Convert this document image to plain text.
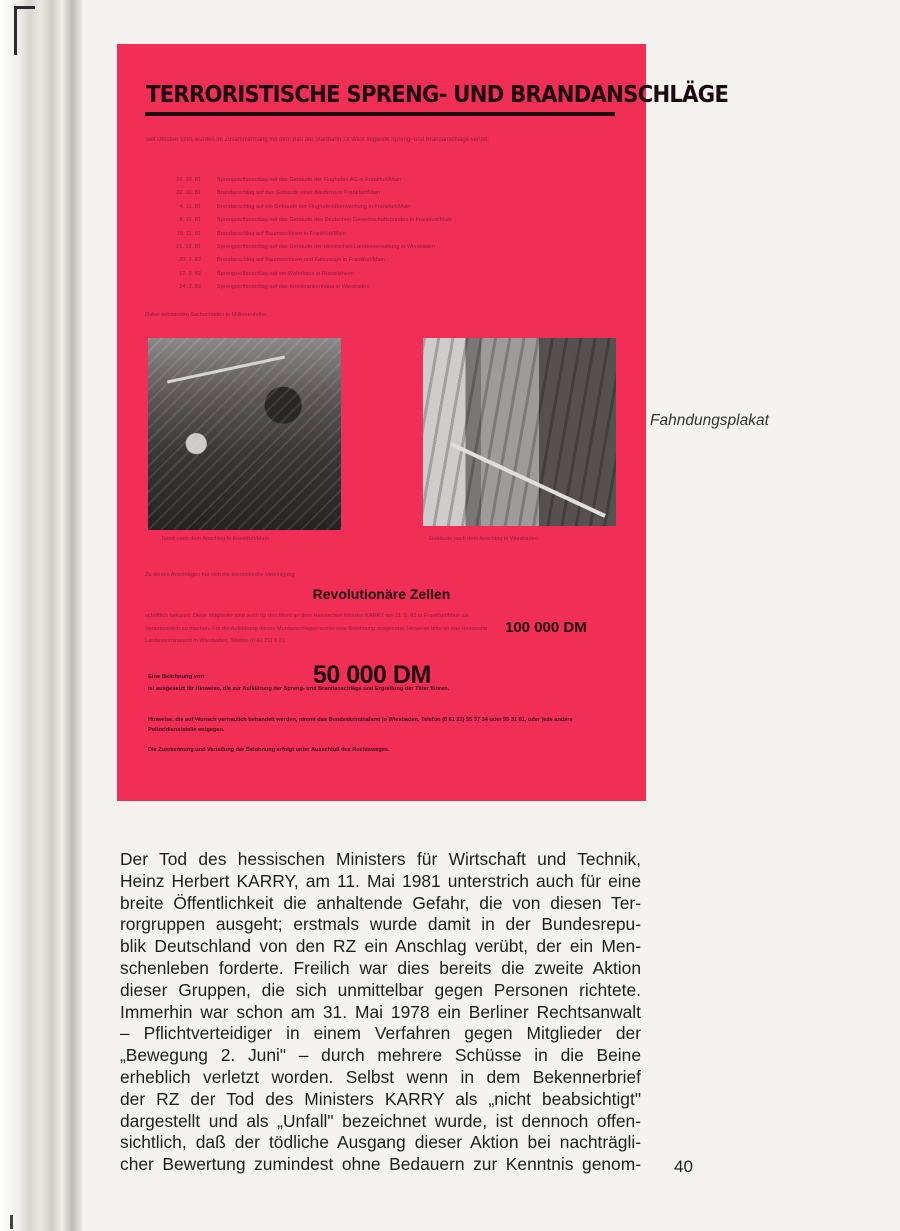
TERRORISTISCHE SPRENG- UND BRANDANSCHLÄGE
Seit Oktober 1981 wurden im Zusammenhang mit dem Bau der Startbahn 18 West folgende Spreng- und Brandanschläge verübt:
22. 10. 81	Sprengstoffanschlag auf das Gebäude der Flughafen AG in Frankfurt/Main
22. 10. 81	Brandanschlag auf das Gebäude einer Baufirma in Frankfurt/Main
4. 11. 81	Brandanschlag auf ein Gebäude der Flughafenüberwachung in Frankfurt/Main
6. 11. 81	Sprengstoffanschlag auf das Gebäude des Deutschen Gewerkschaftsbundes in Frankfurt/Main
18. 11. 81	Brandanschlag auf Baumaschinen in Frankfurt/Main
21. 12. 81	Sprengstoffanschlag auf das Gebäude der Hessischen Landesverwaltung in Wiesbaden
20. 1. 82	Brandanschlag auf Baumaschinen und Fahrzeuge in Frankfurt/Main
12. 2. 82	Sprengstoffanschlag auf ein Wohnhaus in Rüsselsheim
24. 2. 82	Sprengstoffanschlag auf das Kreiskrankenhaus in Wiesbaden
Dabei entstanden Sachschäden in Millionenhöhe.
Tatort nach dem Anschlag in Frankfurt/Main	Gebäude nach dem Anschlag in Wiesbaden
Zu diesen Anschlägen hat sich die terroristische Vereinigung
Revolutionäre Zellen
schriftlich bekannt. Diese Mitglieder sind auch für den Mord an dem Hessischen Minister KARRY am 11. 5. 81 in Frankfurt/Main als Verantwortlich zu machen. Für die Aufklärung dieses Mordanschlages wurde eine Belohnung ausgesetzt. Hinweise bitte an das Hessische Landeskriminalamt in Wiesbaden, Telefon (0 61 21) 8 21
100 000 DM
Eine Belohnung von	50 000 DM
ist ausgesetzt für Hinweise, die zur Aufklärung der Spreng- und Brandanschläge und Ergreifung der Täter führen.
Hinweise, die auf Wunsch vertraulich behandelt werden, nimmt das Bundeskriminalamt in Wiesbaden, Telefon (0 61 21) 55 37 34 oder 55 31 01, oder jede andere Polizeidienststelle entgegen.
Die Zuerkennung und Verteilung der Belohnung erfolgt unter Ausschluß des Rechtsweges.
Fahndungsplakat
Der Tod des hessischen Ministers für Wirtschaft und Technik,
Heinz Herbert KARRY, am 11. Mai 1981 unterstrich auch für eine
breite Öffentlichkeit die anhaltende Gefahr, die von diesen Ter-
rorgruppen ausgeht; erstmals wurde damit in der Bundesrepu-
blik Deutschland von den RZ ein Anschlag verübt, der ein Men-
schenleben forderte. Freilich war dies bereits die zweite Aktion
dieser Gruppen, die sich unmittelbar gegen Personen richtete.
Immerhin war schon am 31. Mai 1978 ein Berliner Rechtsanwalt
– Pflichtverteidiger in einem Verfahren gegen Mitglieder der
„Bewegung 2. Juni" – durch mehrere Schüsse in die Beine
erheblich verletzt worden. Selbst wenn in dem Bekennerbrief
der RZ der Tod des Ministers KARRY als „nicht beabsichtigt"
dargestellt und als „Unfall" bezeichnet wurde, ist dennoch offen-
sichtlich, daß der tödliche Ausgang dieser Aktion bei nachträgli-
cher Bewertung zumindest ohne Bedauern zur Kenntnis genom- 40
